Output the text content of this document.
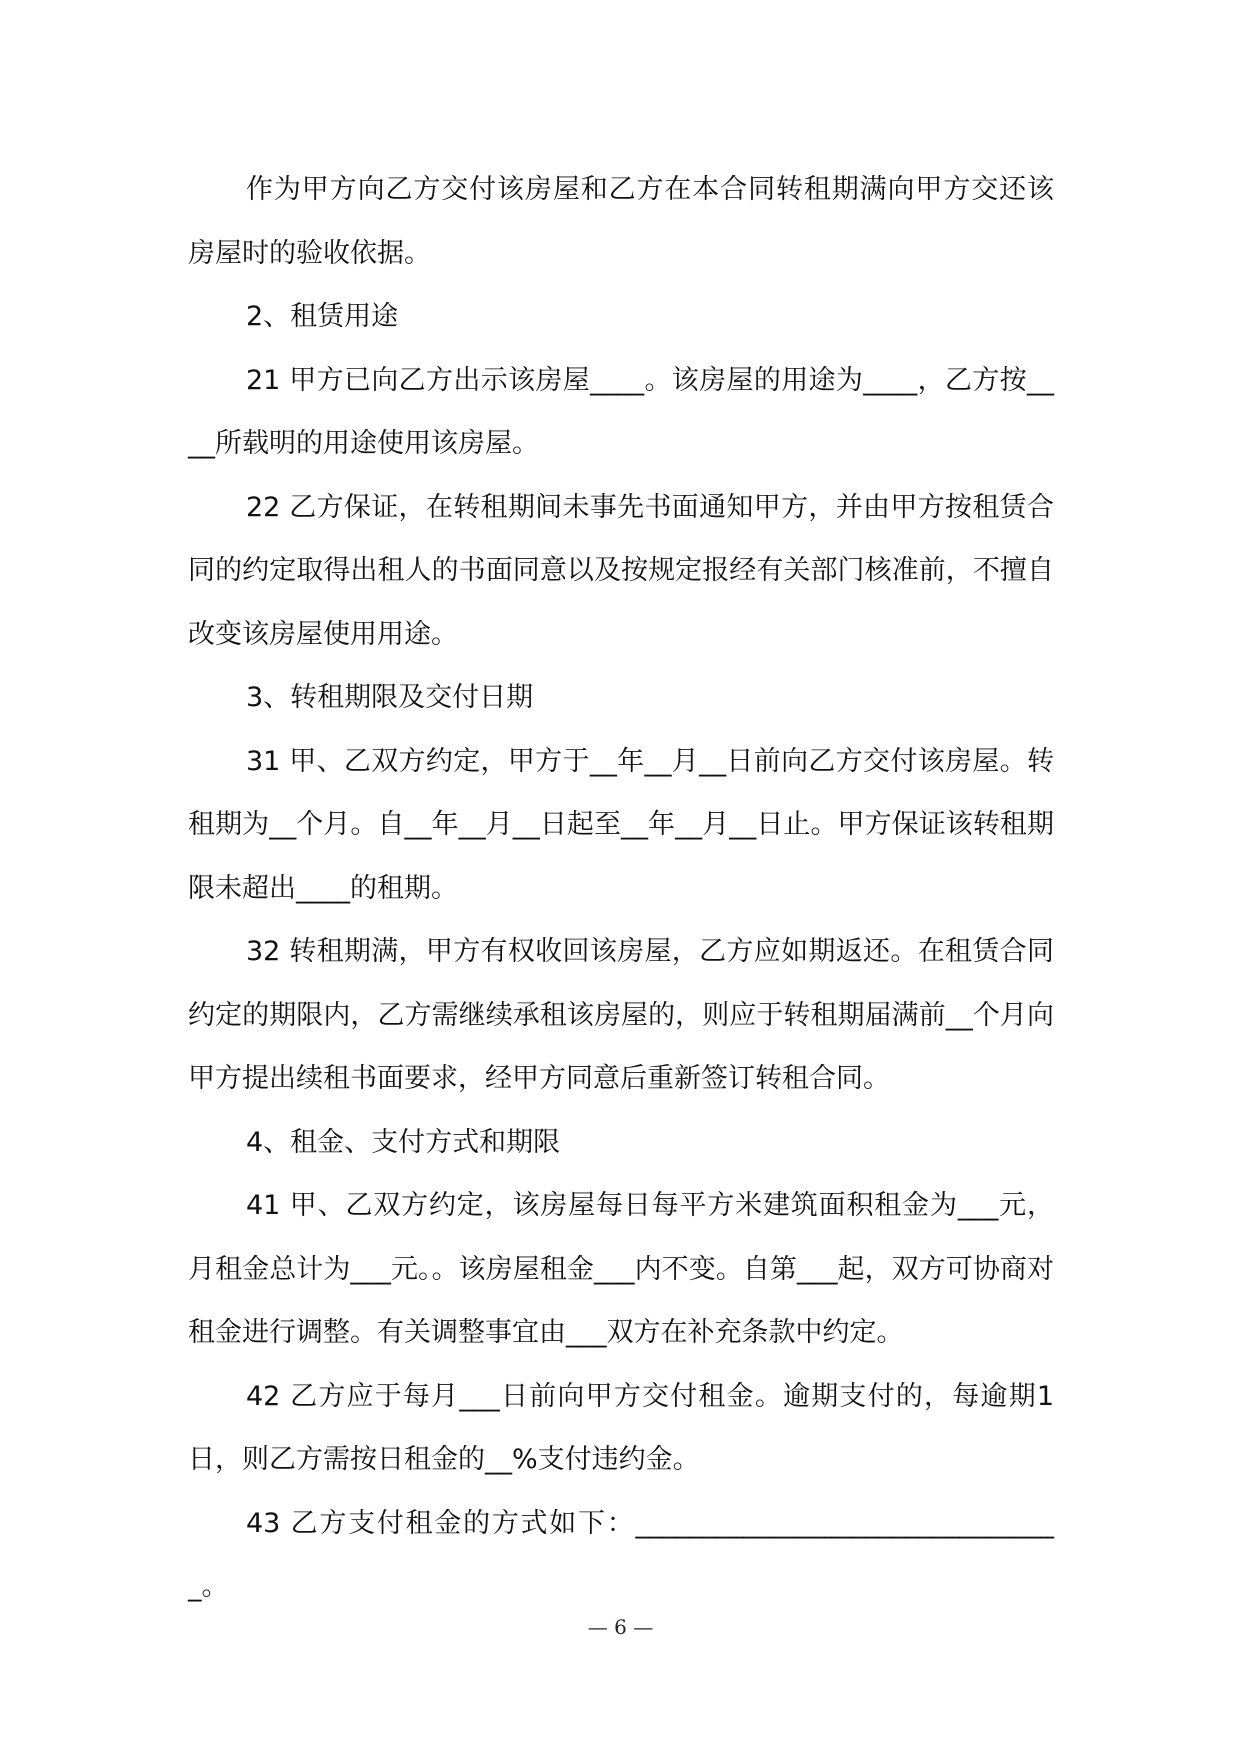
作为甲方向乙方交付该房屋和乙方在本合同转租期满向甲方交还该房屋时的验收依据。

2、租赁用途

21 甲方已向乙方出示该房屋____。该房屋的用途为____，乙方按____所载明的用途使用该房屋。

22 乙方保证，在转租期间未事先书面通知甲方，并由甲方按租赁合同的约定取得出租人的书面同意以及按规定报经有关部门核准前，不擅自改变该房屋使用用途。

3、转租期限及交付日期

31 甲、乙双方约定，甲方于__年__月__日前向乙方交付该房屋。转租期为__个月。自__年__月__日起至__年__月__日止。甲方保证该转租期限未超出____的租期。

32 转租期满，甲方有权收回该房屋，乙方应如期返还。在租赁合同约定的期限内，乙方需继续承租该房屋的，则应于转租期届满前__个月向甲方提出续租书面要求，经甲方同意后重新签订转租合同。

4、租金、支付方式和期限

41 甲、乙双方约定，该房屋每日每平方米建筑面积租金为___元，月租金总计为___元。。该房屋租金___内不变。自第___起，双方可协商对租金进行调整。有关调整事宜由___双方在补充条款中约定。

42 乙方应于每月___日前向甲方交付租金。逾期支付的，每逾期1日，则乙方需按日租金的__%支付违约金。

43 乙方支付租金的方式如下：________________________________。

— 6 —
